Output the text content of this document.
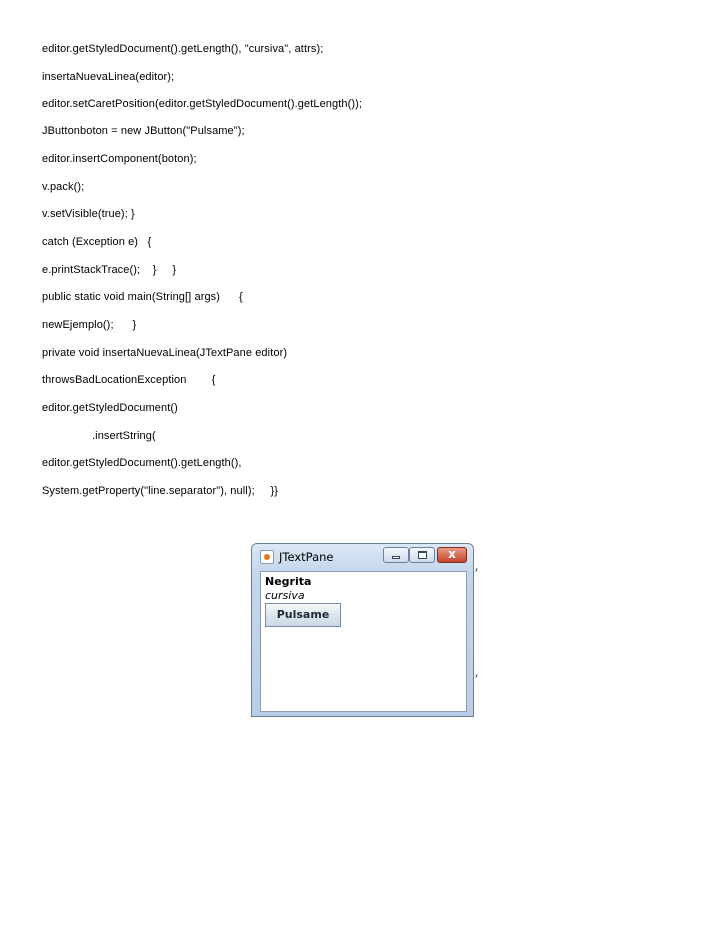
editor.getStyledDocument().getLength(), "cursiva", attrs);
insertaNuevaLinea(editor);
editor.setCaretPosition(editor.getStyledDocument().getLength());
JButtonboton = new JButton("Pulsame");
editor.insertComponent(boton);
v.pack();
v.setVisible(true); }
catch (Exception e)   {
e.printStackTrace();    }     }
public static void main(String[] args)      {
newEjemplo();      }
private void insertaNuevaLinea(JTextPane editor)
throwsBadLocationException        {
editor.getStyledDocument()
.insertString(
editor.getStyledDocument().getLength(),
System.getProperty("line.separator"), null);     }}
,
,
JTextPane	x
Negrita
cursiva
Pulsame
